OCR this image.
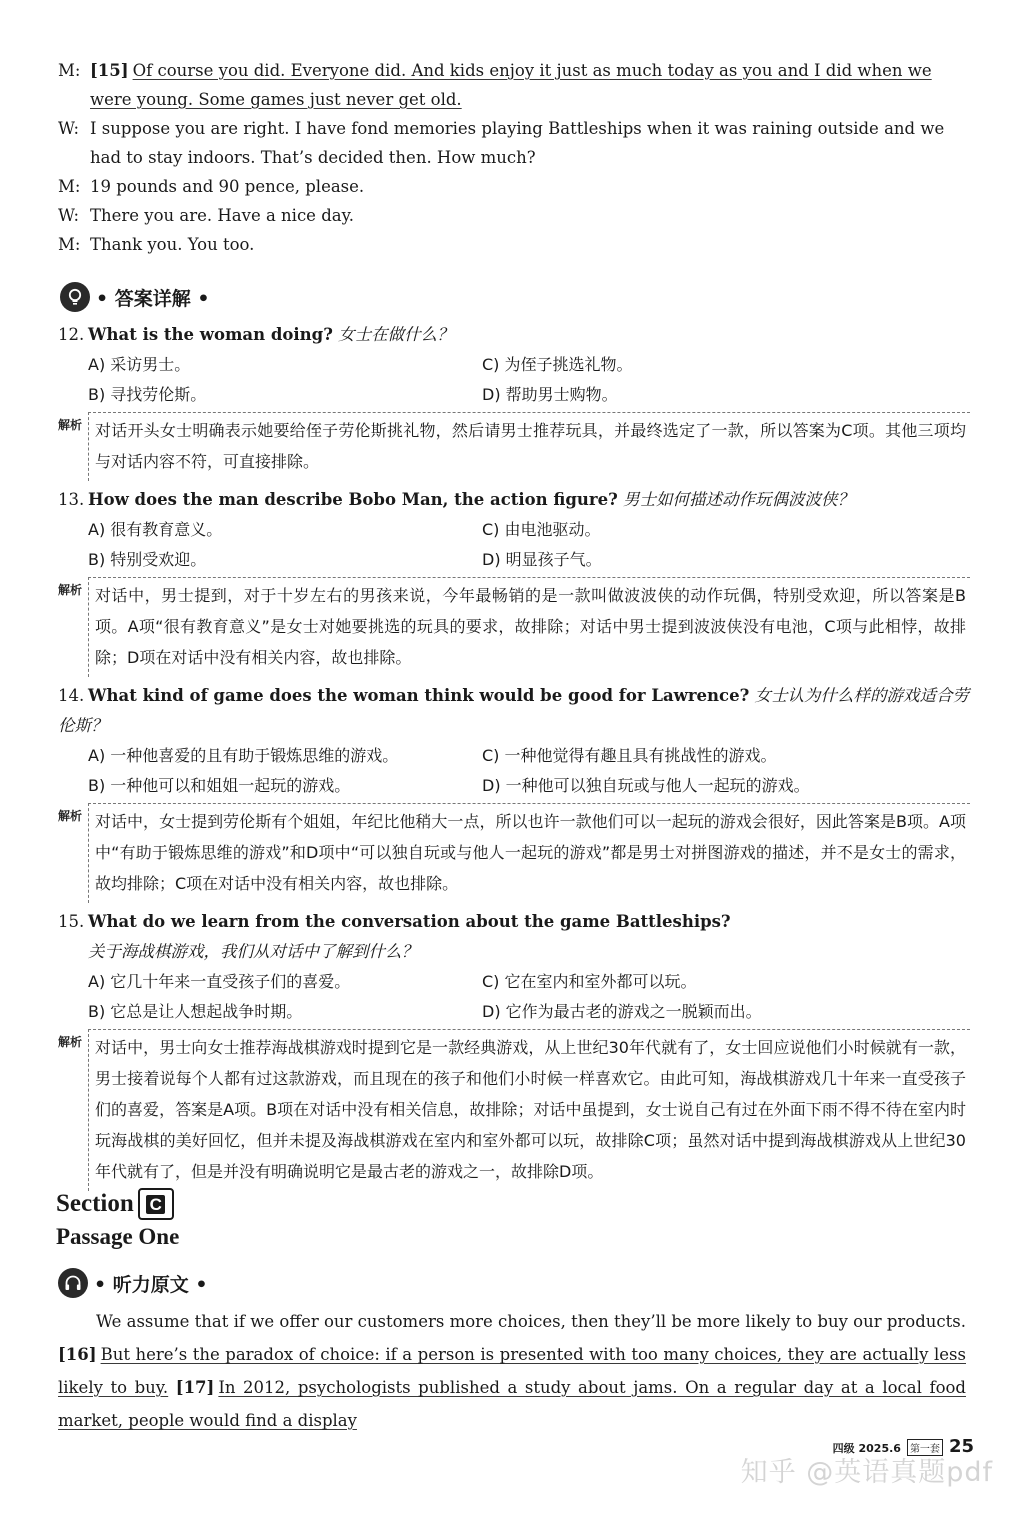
M: [15] Of course you did. Everyone did. And kids enjoy it just as much today as you and I did when we were young. Some games just never get old.
W: I suppose you are right. I have fond memories playing Battleships when it was raining outside and we had to stay indoors. That’s decided then. How much?
M: 19 pounds and 90 pence, please.
W: There you are. Have a nice day.
M: Thank you. You too.
• 答案详解 •
12. What is the woman doing? 女士在做什么？
A) 采访男士。	C) 为侄子挑选礼物。
B) 寻找劳伦斯。	D) 帮助男士购物。
解析 对话开头女士明确表示她要给侄子劳伦斯挑礼物，然后请男士推荐玩具，并最终选定了一款，所以答案为C项。其他三项均与对话内容不符，可直接排除。
13. How does the man describe Bobo Man, the action figure? 男士如何描述动作玩偶波波侠？
A) 很有教育意义。	C) 由电池驱动。
B) 特别受欢迎。	D) 明显孩子气。
解析 对话中，男士提到，对于十岁左右的男孩来说，今年最畅销的是一款叫做波波侠的动作玩偶，特别受欢迎，所以答案是B项。A项“很有教育意义”是女士对她要挑选的玩具的要求，故排除；对话中男士提到波波侠没有电池，C项与此相悖，故排除；D项在对话中没有相关内容，故也排除。
14. What kind of game does the woman think would be good for Lawrence? 女士认为什么样的游戏适合劳伦斯？
A) 一种他喜爱的且有助于锻炼思维的游戏。	C) 一种他觉得有趣且具有挑战性的游戏。
B) 一种他可以和姐姐一起玩的游戏。	D) 一种他可以独自玩或与他人一起玩的游戏。
解析 对话中，女士提到劳伦斯有个姐姐，年纪比他稍大一点，所以也许一款他们可以一起玩的游戏会很好，因此答案是B项。A项中“有助于锻炼思维的游戏”和D项中“可以独自玩或与他人一起玩的游戏”都是男士对拼图游戏的描述，并不是女士的需求，故均排除；C项在对话中没有相关内容，故也排除。
15. What do we learn from the conversation about the game Battleships?
关于海战棋游戏，我们从对话中了解到什么？
A) 它几十年来一直受孩子们的喜爱。	C) 它在室内和室外都可以玩。
B) 它总是让人想起战争时期。	D) 它作为最古老的游戏之一脱颖而出。
解析 对话中，男士向女士推荐海战棋游戏时提到它是一款经典游戏，从上世纪30年代就有了，女士回应说他们小时候就有一款，男士接着说每个人都有过这款游戏，而且现在的孩子和他们小时候一样喜欢它。由此可知，海战棋游戏几十年来一直受孩子们的喜爱，答案是A项。B项在对话中没有相关信息，故排除；对话中虽提到，女士说自己有过在外面下雨不得不待在室内时玩海战棋的美好回忆，但并未提及海战棋游戏在室内和室外都可以玩，故排除C项；虽然对话中提到海战棋游戏从上世纪30年代就有了，但是并没有明确说明它是最古老的游戏之一，故排除D项。
Section C
Passage One
• 听力原文 •
We assume that if we offer our customers more choices, then they’ll be more likely to buy our products. [16] But here’s the paradox of choice: if a person is presented with too many choices, they are actually less likely to buy. [17] In 2012, psychologists published a study about jams. On a regular day at a local food market, people would find a display
四级 2025.6 第一套 25
知乎 @英语真题pdf
